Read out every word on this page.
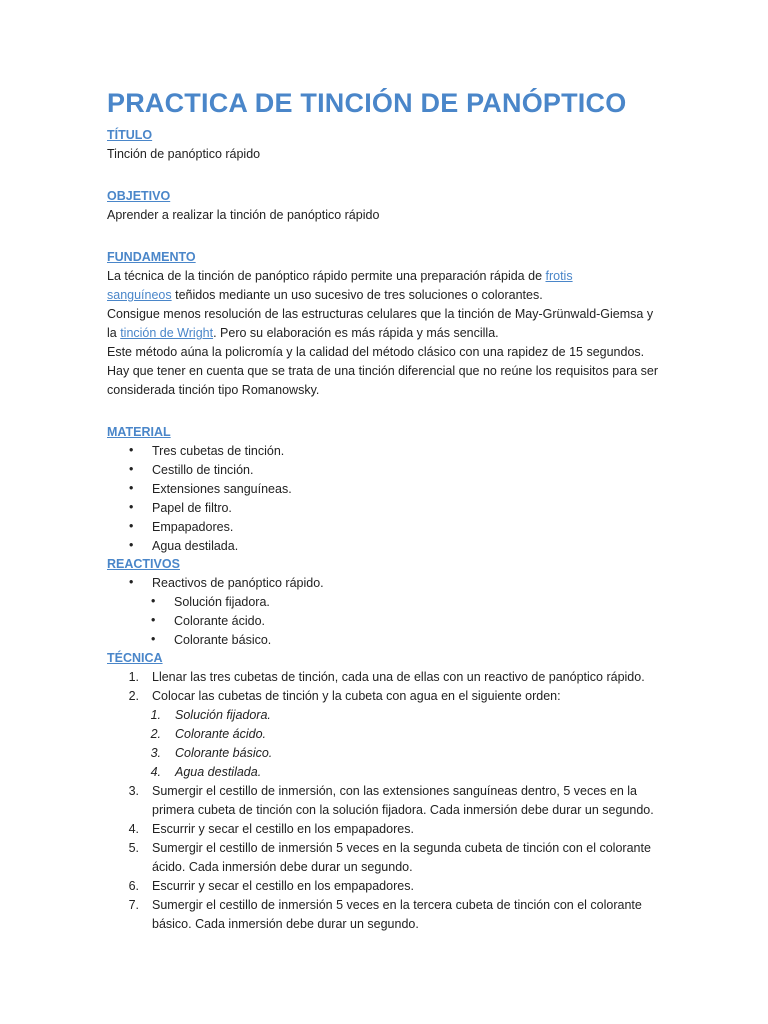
PRACTICA DE TINCIÓN DE PANÓPTICO
TÍTULO
Tinción de panóptico rápido
OBJETIVO
Aprender a realizar la tinción de panóptico rápido
FUNDAMENTO
La técnica de la tinción de panóptico rápido permite una preparación rápida de frotis
sanguíneos teñidos mediante un uso sucesivo de tres soluciones o colorantes.
Consigue menos resolución de las estructuras celulares que la tinción de May-Grünwald-Giemsa y
la tinción de Wright. Pero su elaboración es más rápida y más sencilla.
Este método aúna la policromía y la calidad del método clásico con una rapidez de 15 segundos.
Hay que tener en cuenta que se trata de una tinción diferencial que no reúne los requisitos para ser
considerada tinción tipo Romanowsky.
MATERIAL
• Tres cubetas de tinción.
• Cestillo de tinción.
• Extensiones sanguíneas.
• Papel de filtro.
• Empapadores.
• Agua destilada.
REACTIVOS
• Reactivos de panóptico rápido.
• Solución fijadora.
• Colorante ácido.
• Colorante básico.
TÉCNICA
1. Llenar las tres cubetas de tinción, cada una de ellas con un reactivo de panóptico rápido.
2. Colocar las cubetas de tinción y la cubeta con agua en el siguiente orden:
1. Solución fijadora.
2. Colorante ácido.
3. Colorante básico.
4. Agua destilada.
3. Sumergir el cestillo de inmersión, con las extensiones sanguíneas dentro, 5 veces en la
primera cubeta de tinción con la solución fijadora. Cada inmersión debe durar un segundo.
4. Escurrir y secar el cestillo en los empapadores.
5. Sumergir el cestillo de inmersión 5 veces en la segunda cubeta de tinción con el colorante
ácido. Cada inmersión debe durar un segundo.
6. Escurrir y secar el cestillo en los empapadores.
7. Sumergir el cestillo de inmersión 5 veces en la tercera cubeta de tinción con el colorante
básico. Cada inmersión debe durar un segundo.
